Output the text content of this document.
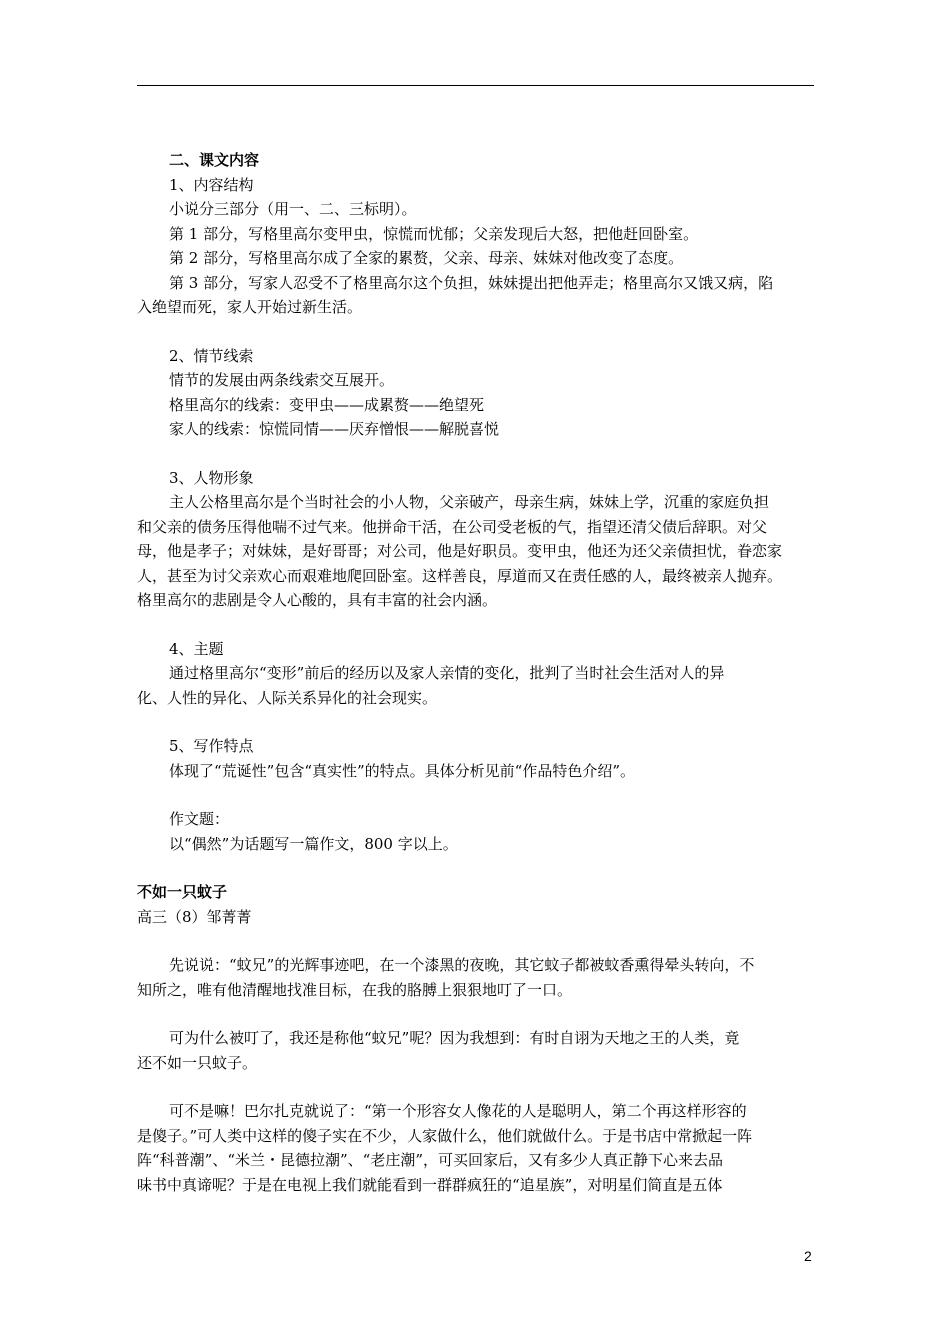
二、课文内容
1、内容结构
小说分三部分（用一、二、三标明）。
第 1 部分，写格里高尔变甲虫，惊慌而忧郁；父亲发现后大怒，把他赶回卧室。
第 2 部分，写格里高尔成了全家的累赘，父亲、母亲、妹妹对他改变了态度。
第 3 部分，写家人忍受不了格里高尔这个负担，妹妹提出把他弄走；格里高尔又饿又病，陷
入绝望而死，家人开始过新生活。
2、情节线索
情节的发展由两条线索交互展开。
格里高尔的线索：变甲虫——成累赘——绝望死
家人的线索：惊慌同情——厌弃憎恨——解脱喜悦
3、人物形象
主人公格里高尔是个当时社会的小人物，父亲破产，母亲生病，妹妹上学，沉重的家庭负担
和父亲的债务压得他喘不过气来。他拼命干活，在公司受老板的气，指望还清父债后辞职。对父
母，他是孝子；对妹妹，是好哥哥；对公司，他是好职员。变甲虫，他还为还父亲债担忧，眷恋家
人，甚至为讨父亲欢心而艰难地爬回卧室。这样善良，厚道而又在责任感的人，最终被亲人抛弃。
格里高尔的悲剧是令人心酸的，具有丰富的社会内涵。
4、主题
通过格里高尔“变形”前后的经历以及家人亲情的变化，批判了当时社会生活对人的异
化、人性的异化、人际关系异化的社会现实。
5、写作特点
体现了“荒诞性”包含“真实性”的特点。具体分析见前“作品特色介绍”。
作文题：
以“偶然”为话题写一篇作文，800 字以上。
不如一只蚊子
高三（8）邹菁菁
先说说：“蚊兄”的光辉事迹吧，在一个漆黑的夜晚，其它蚊子都被蚊香熏得晕头转向，不
知所之，唯有他清醒地找准目标，在我的胳膊上狠狠地叮了一口。
可为什么被叮了，我还是称他“蚊兄”呢？因为我想到：有时自诩为天地之王的人类，竟
还不如一只蚊子。
可不是嘛！巴尔扎克就说了：“第一个形容女人像花的人是聪明人，第二个再这样形容的
是傻子。”可人类中这样的傻子实在不少，人家做什么，他们就做什么。于是书店中常掀起一阵
阵“科普潮”、“米兰・昆德拉潮”、“老庄潮”，可买回家后，又有多少人真正静下心来去品
味书中真谛呢？于是在电视上我们就能看到一群群疯狂的“追星族”，对明星们简直是五体
2
